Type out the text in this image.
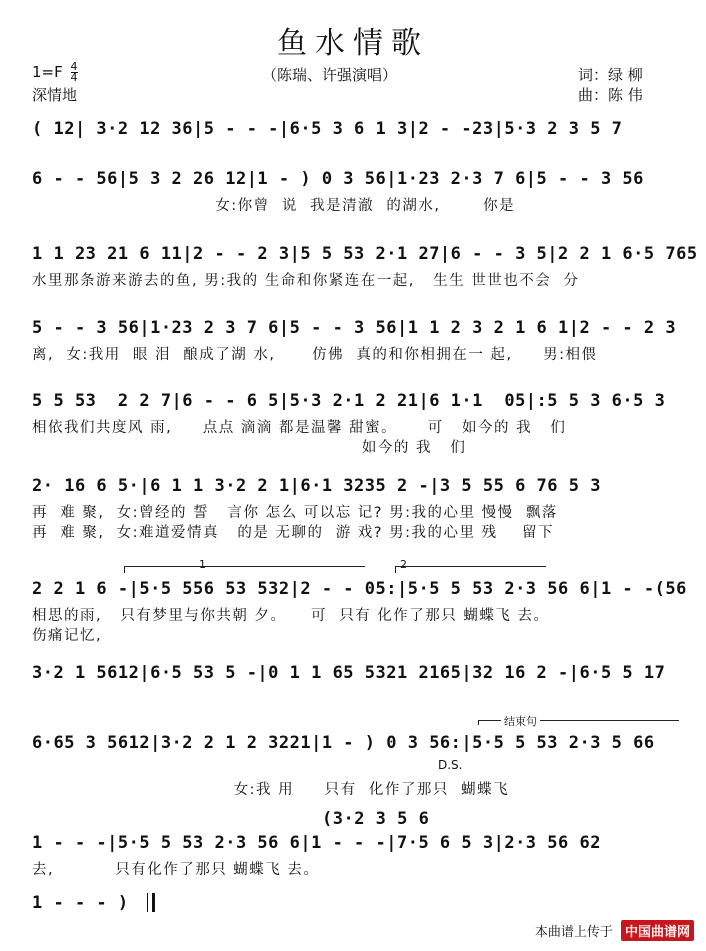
鱼水情歌
$1=F \frac{4}{4}$	（陈瑞、许强演唱）	词：绿 柳
曲：陈 伟
深情地
( 12| 3·2 12 36|5 - - -|6·5 3 6 1 3|2 - -23|5·3 2 3 5 7
6 - - 56|5 3 2 26 12|1 - ) 0 3 56|1·23 2·3 7 6|5 - - 3 56
女:你曾  说  我是清澈  的湖水,       你是
1 1 23 21 6 11|2 - - 2 3|5 5 53 2·1 27|6 - - 3 5|2 2 1 6·5 765
水里那条游来游去的鱼, 男:我的 生命和你紧连在一起,   生生 世世也不会  分
5 - - 3 56|1·23 2 3 7 6|5 - - 3 56|1 1 2 3 2 1 6 1|2 - - 2 3
离,  女:我用  眼 泪  酿成了湖 水,      仿佛  真的和你相拥在一 起,     男:相偎
5 5 53  2 2 7|6 - - 6 5|5·3 2·1 2 21|6 1·1  05|:5 5 3 6·5 3
相依我们共度风 雨,     点点 滴滴 都是温馨 甜蜜。     可   如今的 我   们
如今的 我   们
2· 16 6 5·|6 1 1 3·2 2 1|6·1 3235 2 -|3 5 55 6 76 5 3
再  难 聚,  女:曾经的 誓   言你 怎么 可以忘 记? 男:我的心里 慢慢  飘落
再  难 聚,  女:难道爱情真   的是 无聊的  游 戏? 男:我的心里 残    留下
1	2
2 2 1 6 -|5·5 556 53 532|2 - - 05:|5·5 5 53 2·3 56 6|1 - -(56
相思的雨,   只有梦里与你共朝 夕。    可  只有 化作了那只 蝴蝶飞 去。
伤痛记忆,
3·2 1 5612|6·5 53 5 -|0 1 1 65 5321 2165|32 16 2 -|6·5 5 17
结束句
6·65 3 5612|3·2 2 1 2 3221|1 - ) 0 3 56:|5·5 5 53 2·3 5 66
女:我 用     只有  化作了那只  蝴蝶飞
D.S.
(3·2 3 5 6
1 - - -|5·5 5 53 2·3 56 6|1 - - -|7·5 6 5 3|2·3 56 62
去,          只有化作了那只 蝴蝶飞 去。
1 - - - )
本曲谱上传于 中国曲谱网
